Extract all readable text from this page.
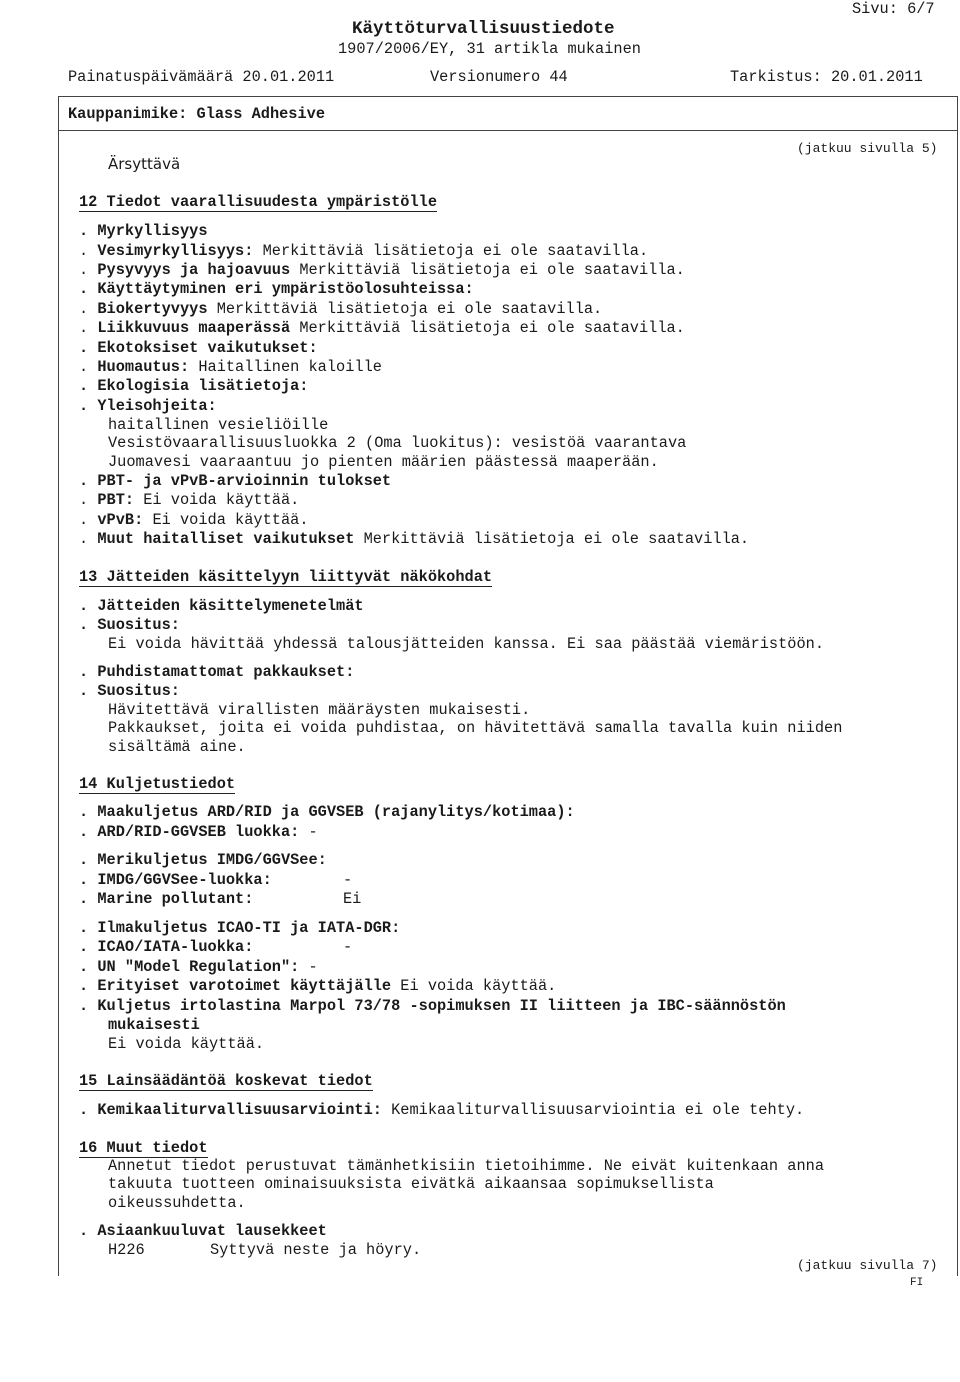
Sivu: 6/7
Käyttöturvallisuustiedote
1907/2006/EY, 31 artikla mukainen
Painatuspäivämäärä 20.01.2011	Versionumero 44	Tarkistus: 20.01.2011
Kauppanimike: Glass Adhesive
Ärsyttävä
(jatkuu sivulla 5)
12 Tiedot vaarallisuudesta ympäristölle
. Myrkyllisyys
. Vesimyrkyllisyys: Merkittäviä lisätietoja ei ole saatavilla.
. Pysyvyys ja hajoavuus Merkittäviä lisätietoja ei ole saatavilla.
. Käyttäytyminen eri ympäristöolosuhteissa:
. Biokertyvyys Merkittäviä lisätietoja ei ole saatavilla.
. Liikkuvuus maaperässä Merkittäviä lisätietoja ei ole saatavilla.
. Ekotoksiset vaikutukset:
. Huomautus: Haitallinen kaloille
. Ekologisia lisätietoja:
. Yleisohjeita:
haitallinen vesieliöille
Vesistövaarallisuusluokka 2 (Oma luokitus): vesistöä vaarantava
Juomavesi vaaraantuu jo pienten määrien päästessä maaperään.
. PBT- ja vPvB-arvioinnin tulokset
. PBT: Ei voida käyttää.
. vPvB: Ei voida käyttää.
. Muut haitalliset vaikutukset Merkittäviä lisätietoja ei ole saatavilla.
13 Jätteiden käsittelyyn liittyvät näkökohdat
. Jätteiden käsittelymenetelmät
. Suositus:
Ei voida hävittää yhdessä talousjätteiden kanssa. Ei saa päästää viemäristöön.
. Puhdistamattomat pakkaukset:
. Suositus:
Hävitettävä virallisten määräysten mukaisesti.
Pakkaukset, joita ei voida puhdistaa, on hävitettävä samalla tavalla kuin niiden
sisältämä aine.
14 Kuljetustiedot
. Maakuljetus ARD/RID ja GGVSEB (rajanylitys/kotimaa):
. ARD/RID-GGVSEB luokka: -
. Merikuljetus IMDG/GGVSee:
. IMDG/GGVSee-luokka:	-
. Marine pollutant:	Ei
. Ilmakuljetus ICAO-TI ja IATA-DGR:
. ICAO/IATA-luokka:	-
. UN "Model Regulation": -
. Erityiset varotoimet käyttäjälle Ei voida käyttää.
. Kuljetus irtolastina Marpol 73/78 -sopimuksen II liitteen ja IBC-säännöstön
mukaisesti
Ei voida käyttää.
15 Lainsäädäntöä koskevat tiedot
. Kemikaaliturvallisuusarviointi: Kemikaaliturvallisuusarviointia ei ole tehty.
16 Muut tiedot
Annetut tiedot perustuvat tämänhetkisiin tietoihimme. Ne eivät kuitenkaan anna
takuuta tuotteen ominaisuuksista eivätkä aikaansaa sopimuksellista
oikeussuhdetta.
. Asiaankuuluvat lausekkeet
H226	Syttyvä neste ja höyry.
(jatkuu sivulla 7)
FI
